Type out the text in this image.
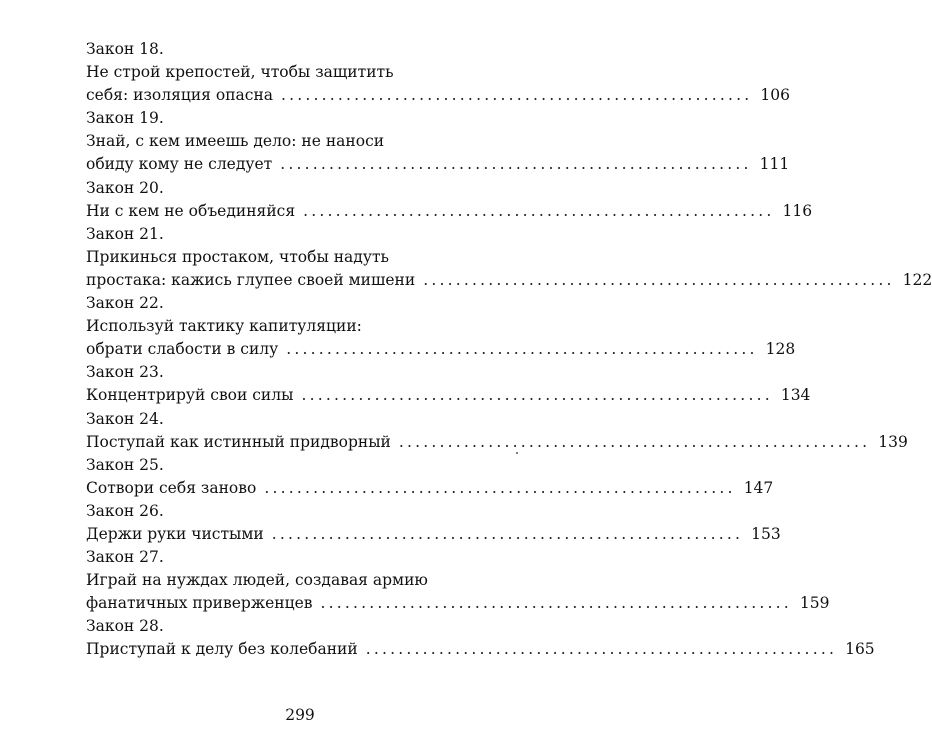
Закон 18.
Не строй крепостей, чтобы защитить
себя: изоляция опасна .......................................................... 106
Закон 19.
Знай, с кем имеешь дело: не наноси
обиду кому не следует .......................................................... 111
Закон 20.
Ни с кем не объединяйся .......................................................... 116
Закон 21.
Прикинься простаком, чтобы надуть
простака: кажись глупее своей мишени .......................................................... 122
Закон 22.
Используй тактику капитуляции:
обрати слабости в силу .......................................................... 128
Закон 23.
Концентрируй свои силы .......................................................... 134
Закон 24.
Поступай как истинный придворный .......................................................... 139
Закон 25.
Сотвори себя заново .......................................................... 147
Закон 26.
Держи руки чистыми .......................................................... 153
Закон 27.
Играй на нуждах людей, создавая армию
фанатичных приверженцев .......................................................... 159
Закон 28.
Приступай к делу без колебаний .......................................................... 165
299
